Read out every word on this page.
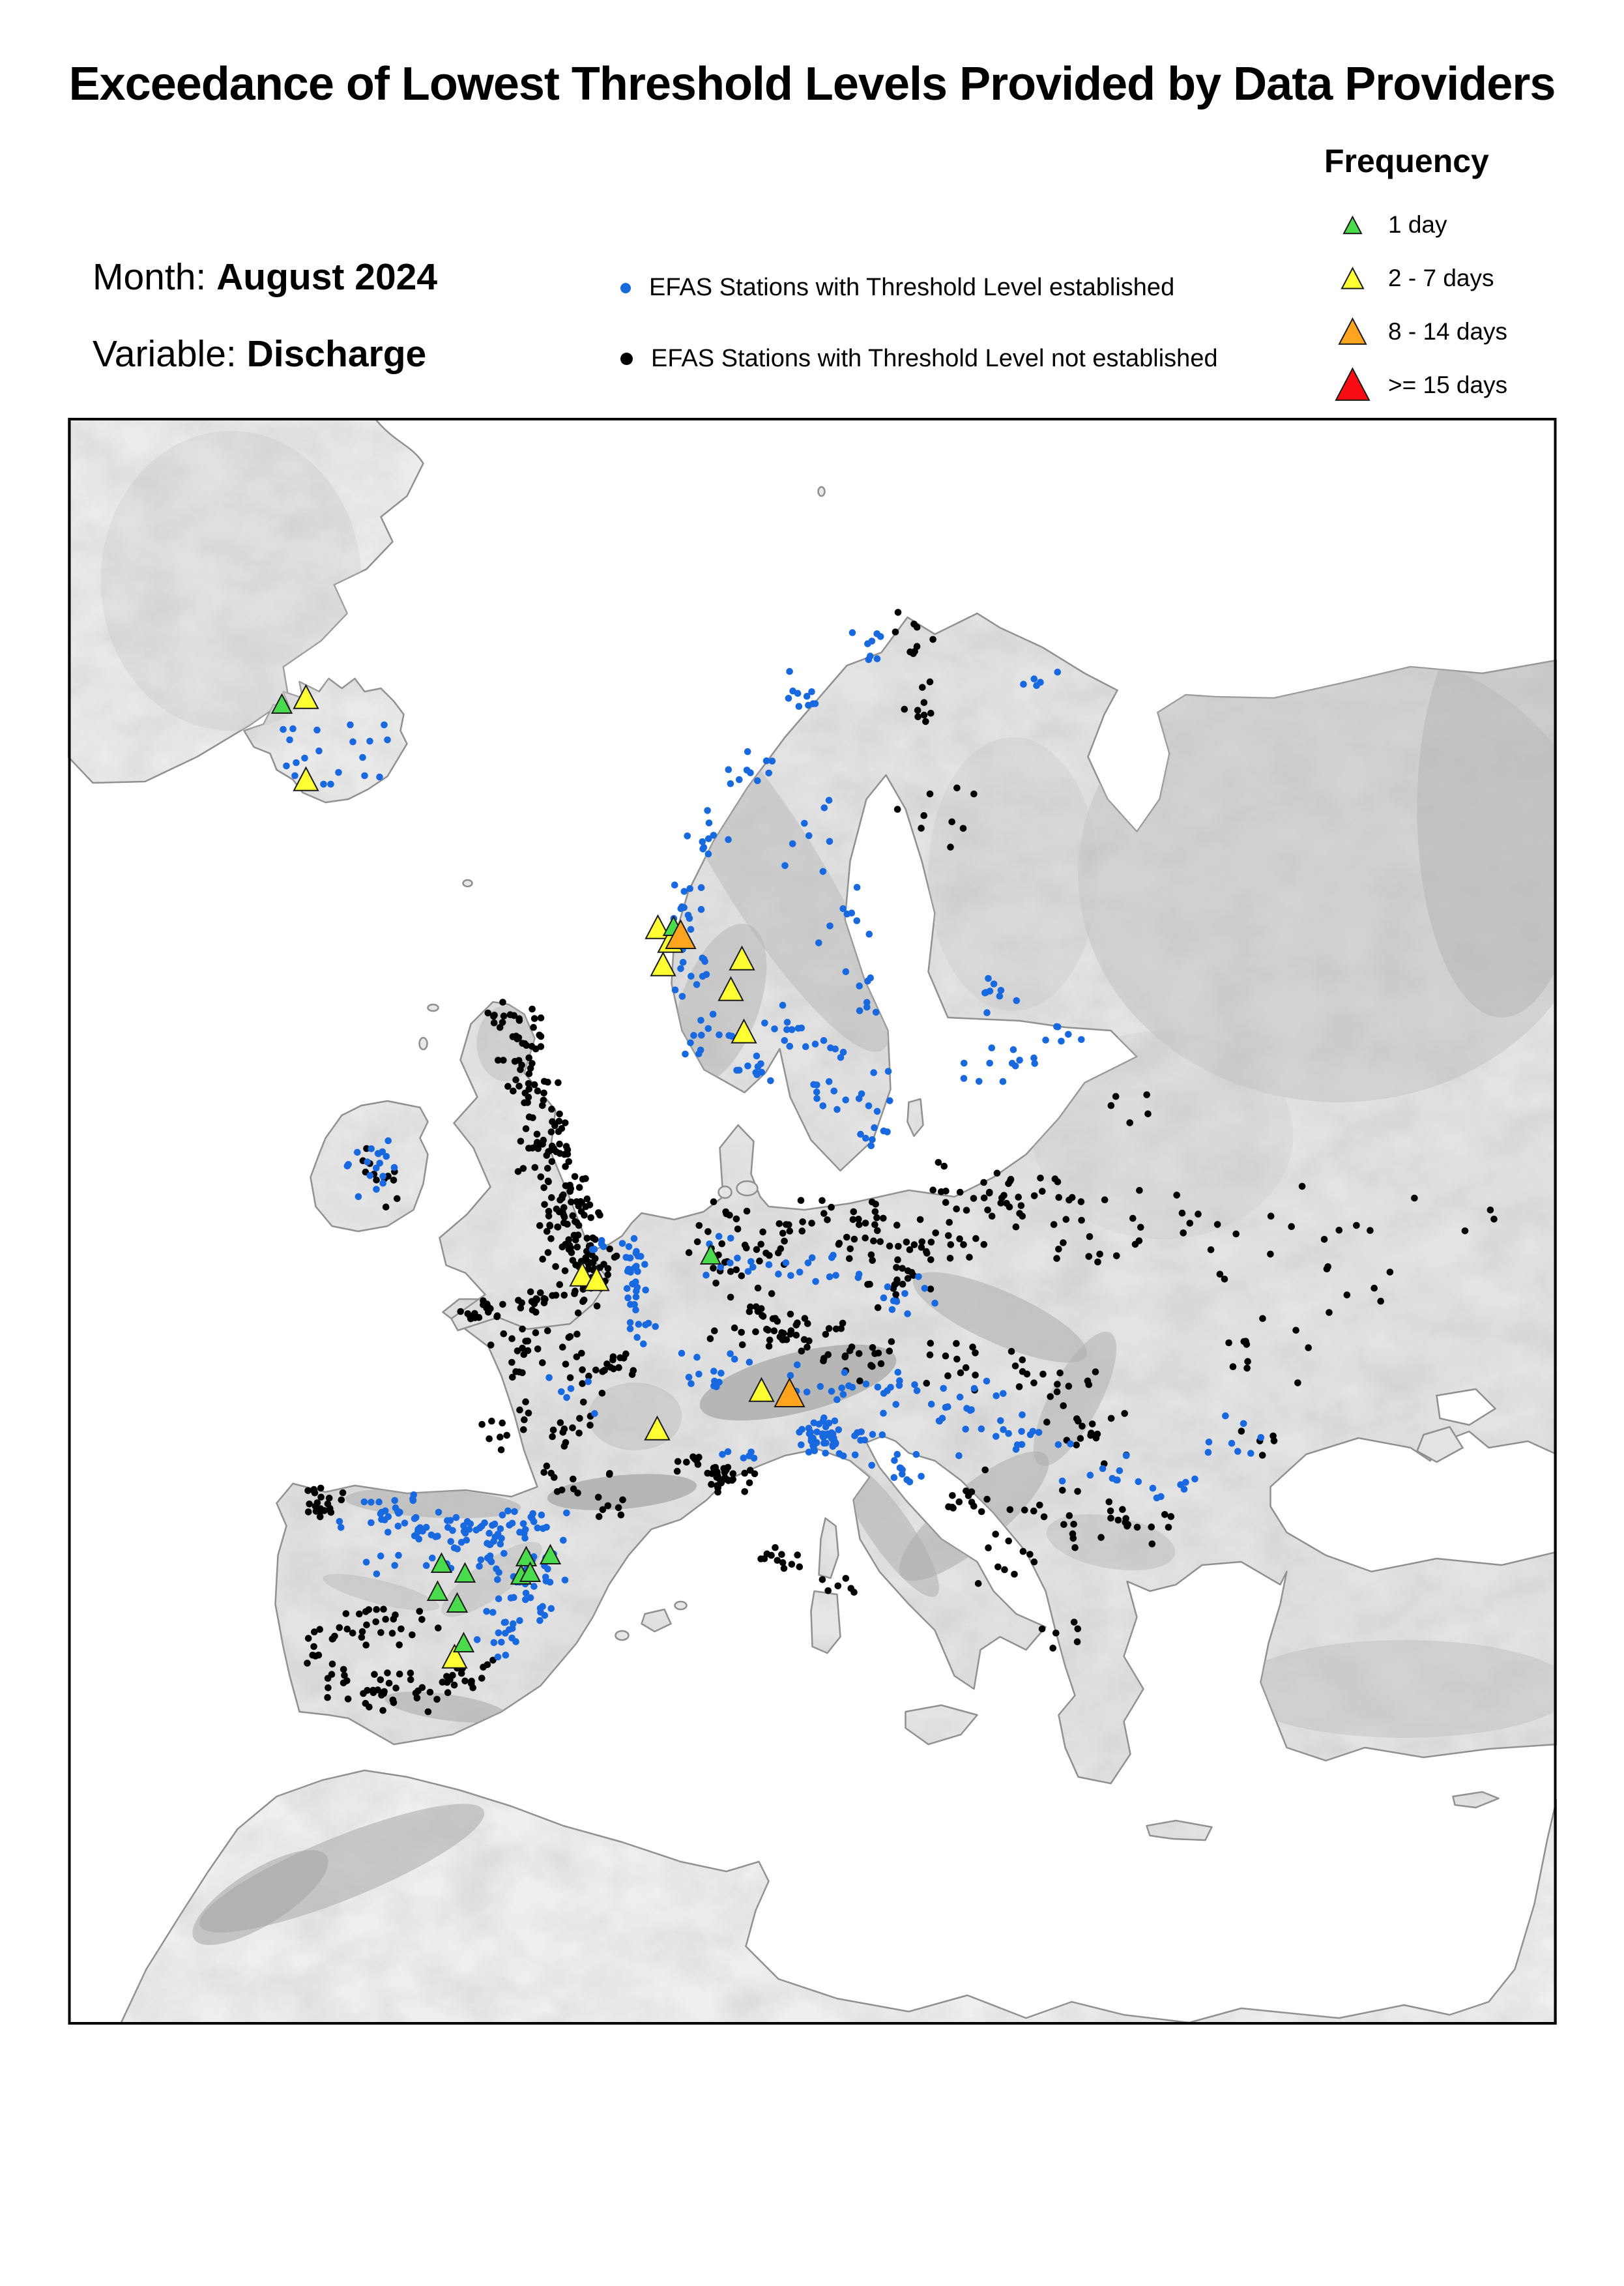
Exceedance of Lowest Threshold Levels Provided by Data Providers
Month: August 2024
Variable: Discharge
EFAS Stations with Threshold Level established
EFAS Stations with Threshold Level not established
Frequency
1 day
2 - 7 days
8 - 14 days
>= 15 days
